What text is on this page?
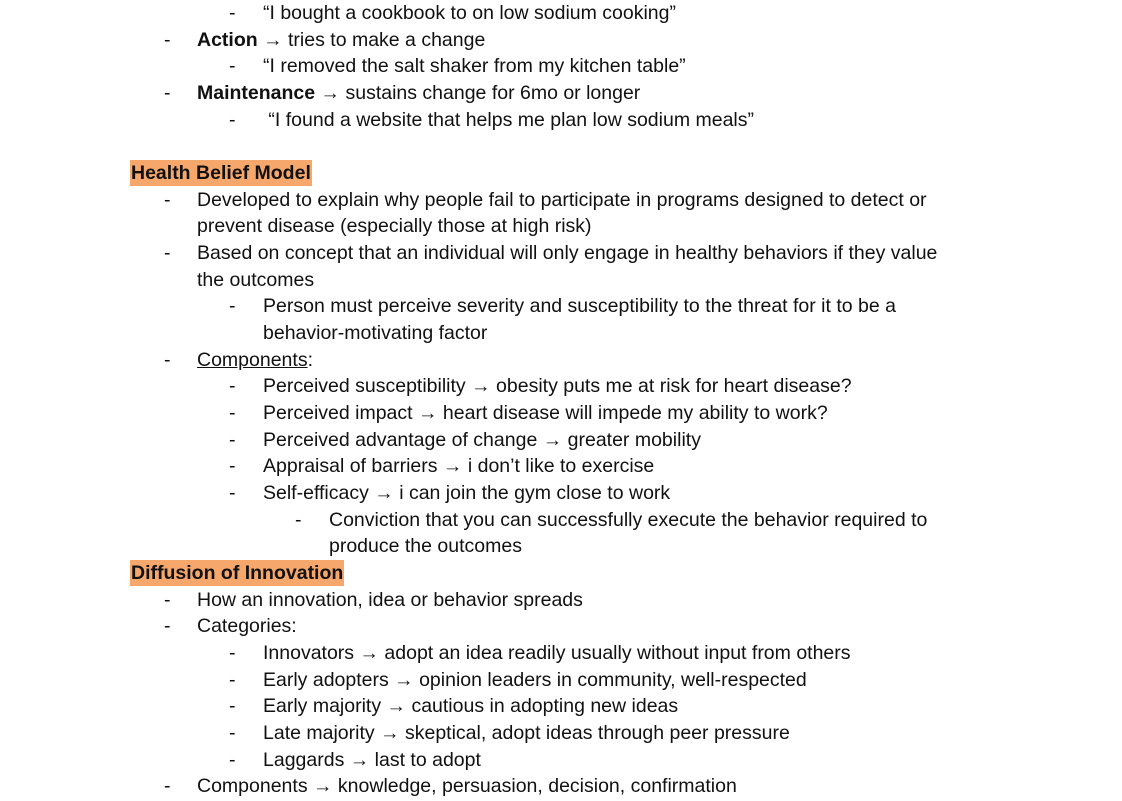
- “I bought a cookbook to on low sodium cooking”
- Action → tries to make a change
- “I removed the salt shaker from my kitchen table”
- Maintenance → sustains change for 6mo or longer
- “I found a website that helps me plan low sodium meals”
Health Belief Model
- Developed to explain why people fail to participate in programs designed to detect or
prevent disease (especially those at high risk)
- Based on concept that an individual will only engage in healthy behaviors if they value
the outcomes
- Person must perceive severity and susceptibility to the threat for it to be a
behavior-motivating factor
- Components:
- Perceived susceptibility → obesity puts me at risk for heart disease?
- Perceived impact → heart disease will impede my ability to work?
- Perceived advantage of change → greater mobility
- Appraisal of barriers → i don’t like to exercise
- Self-efficacy → i can join the gym close to work
- Conviction that you can successfully execute the behavior required to
produce the outcomes
Diffusion of Innovation
- How an innovation, idea or behavior spreads
- Categories:
- Innovators → adopt an idea readily usually without input from others
- Early adopters → opinion leaders in community, well-respected
- Early majority → cautious in adopting new ideas
- Late majority → skeptical, adopt ideas through peer pressure
- Laggards → last to adopt
- Components → knowledge, persuasion, decision, confirmation
